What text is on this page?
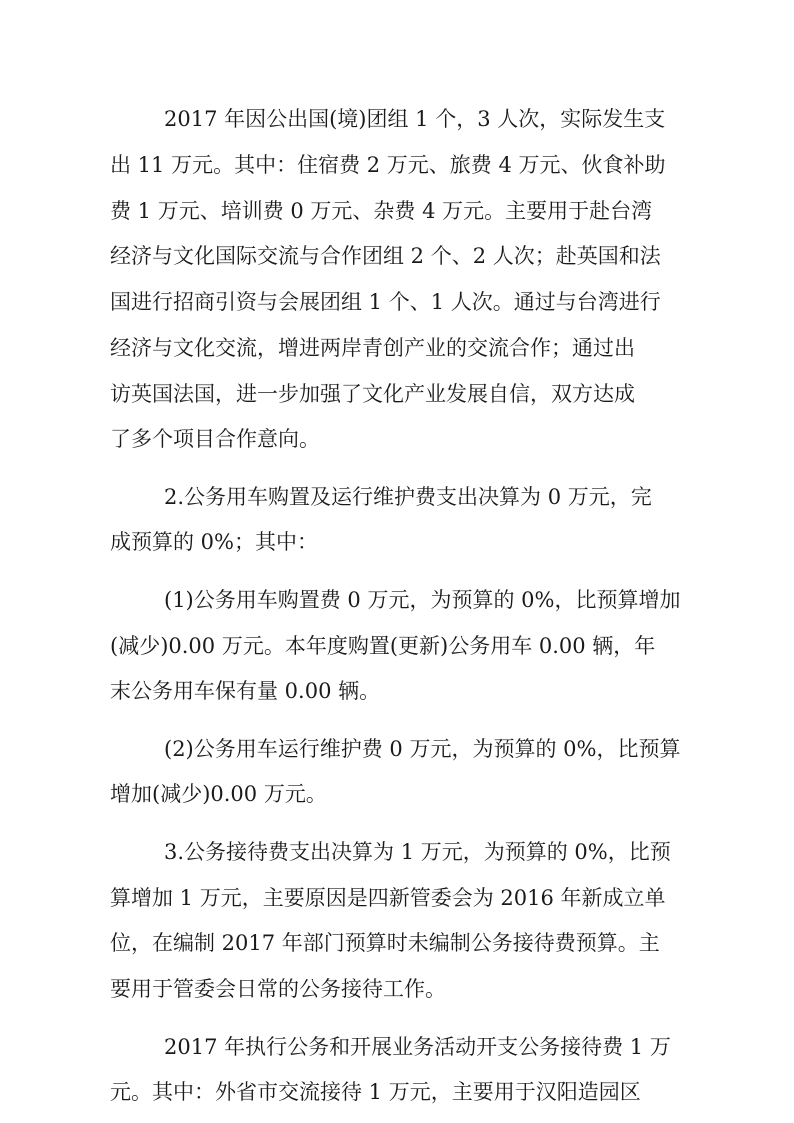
2017 年因公出国(境)团组 1 个，3 人次，实际发生支
出 11 万元。其中：住宿费 2 万元、旅费 4 万元、伙食补助
费 1 万元、培训费 0 万元、杂费 4 万元。主要用于赴台湾
经济与文化国际交流与合作团组 2 个、2 人次；赴英国和法
国进行招商引资与会展团组 1 个、1 人次。通过与台湾进行
经济与文化交流，增进两岸青创产业的交流合作；通过出
访英国法国，进一步加强了文化产业发展自信，双方达成
了多个项目合作意向。
2.公务用车购置及运行维护费支出决算为 0 万元，完
成预算的 0%；其中：
(1)公务用车购置费 0 万元，为预算的 0%，比预算增加
(减少)0.00 万元。本年度购置(更新)公务用车 0.00 辆，年
末公务用车保有量 0.00 辆。
(2)公务用车运行维护费 0 万元，为预算的 0%，比预算
增加(减少)0.00 万元。
3.公务接待费支出决算为 1 万元，为预算的 0%，比预
算增加 1 万元，主要原因是四新管委会为 2016 年新成立单
位，在编制 2017 年部门预算时未编制公务接待费预算。主
要用于管委会日常的公务接待工作。
2017 年执行公务和开展业务活动开支公务接待费 1 万
元。其中：外省市交流接待 1 万元，主要用于汉阳造园区
